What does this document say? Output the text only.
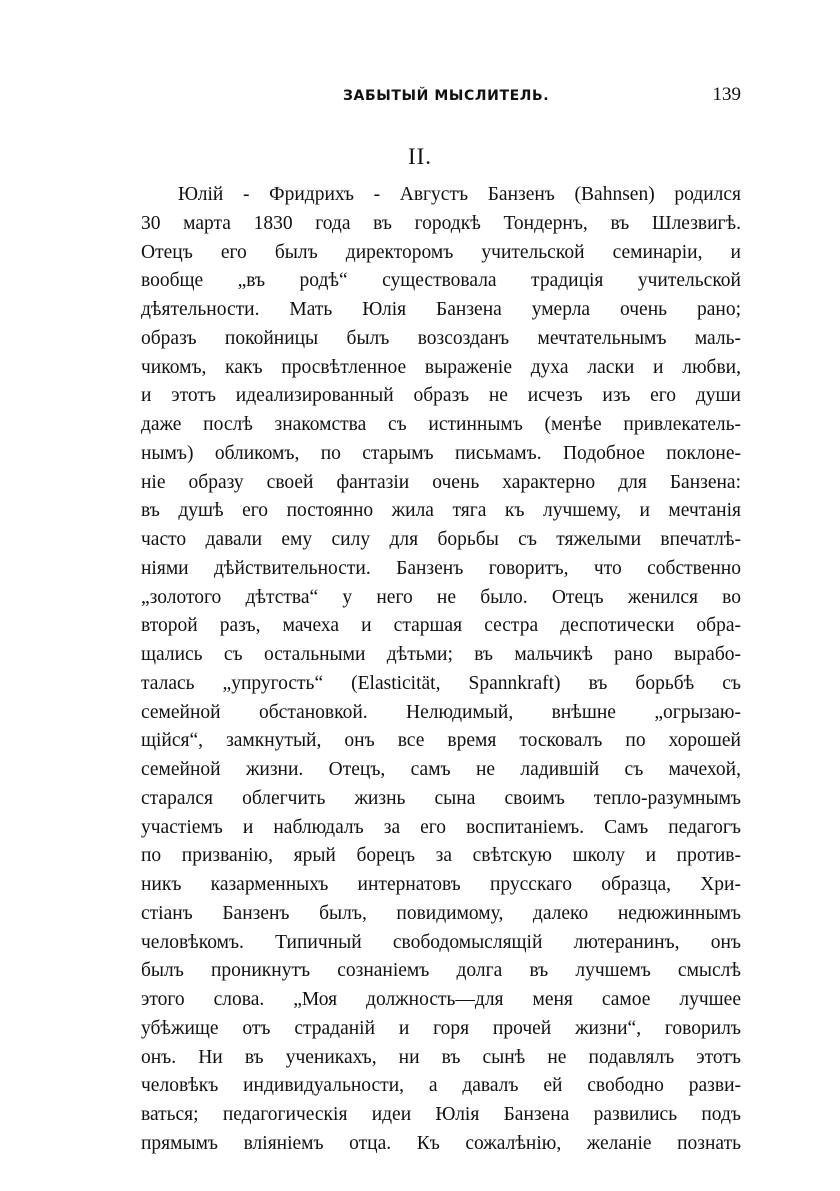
ЗАБЫТЫЙ МЫСЛИТЕЛЬ.	139
II.
Юлій - Фридрихъ - Августъ Банзенъ (Bahnsen) родился
30 марта 1830 года въ городкѣ Тондернъ, въ Шлезвигѣ.
Отецъ его былъ директоромъ учительской семинаріи, и
вообще „въ родѣ“ существовала традиція учительской
дѣятельности. Мать Юлія Банзена умерла очень рано;
образъ покойницы былъ возсозданъ мечтательнымъ маль-
чикомъ, какъ просвѣтленное выраженіе духа ласки и любви,
и этотъ идеализированный образъ не исчезъ изъ его души
даже послѣ знакомства съ истиннымъ (менѣе привлекатель-
нымъ) обликомъ, по старымъ письмамъ. Подобное поклоне-
ніе образу своей фантазіи очень характерно для Банзена:
въ душѣ его постоянно жила тяга къ лучшему, и мечтанія
часто давали ему силу для борьбы съ тяжелыми впечатлѣ-
ніями дѣйствительности. Банзенъ говоритъ, что собственно
„золотого дѣтства“ у него не было. Отецъ женился во
второй разъ, мачеха и старшая сестра деспотически обра-
щались съ остальными дѣтьми; въ мальчикѣ рано вырабо-
талась „упругость“ (Elasticität, Spannkraft) въ борьбѣ съ
семейной обстановкой. Нелюдимый, внѣшне „огрызаю-
щійся“, замкнутый, онъ все время тосковалъ по хорошей
семейной жизни. Отецъ, самъ не ладившій съ мачехой,
старался облегчить жизнь сына своимъ тепло-разумнымъ
участіемъ и наблюдалъ за его воспитаніемъ. Самъ педагогъ
по призванію, ярый борецъ за свѣтскую школу и против-
никъ казарменныхъ интернатовъ прусскаго образца, Хри-
стіанъ Банзенъ былъ, повидимому, далеко недюжиннымъ
человѣкомъ. Типичный свободомыслящій лютеранинъ, онъ
былъ проникнутъ сознаніемъ долга въ лучшемъ смыслѣ
этого слова. „Моя должность—для меня самое лучшее
убѣжище отъ страданій и горя прочей жизни“, говорилъ
онъ. Ни въ ученикахъ, ни въ сынѣ не подавлялъ этотъ
человѣкъ индивидуальности, а давалъ ей свободно разви-
ваться; педагогическія идеи Юлія Банзена развились подъ
прямымъ вліяніемъ отца. Къ сожалѣнію, желаніе познать
